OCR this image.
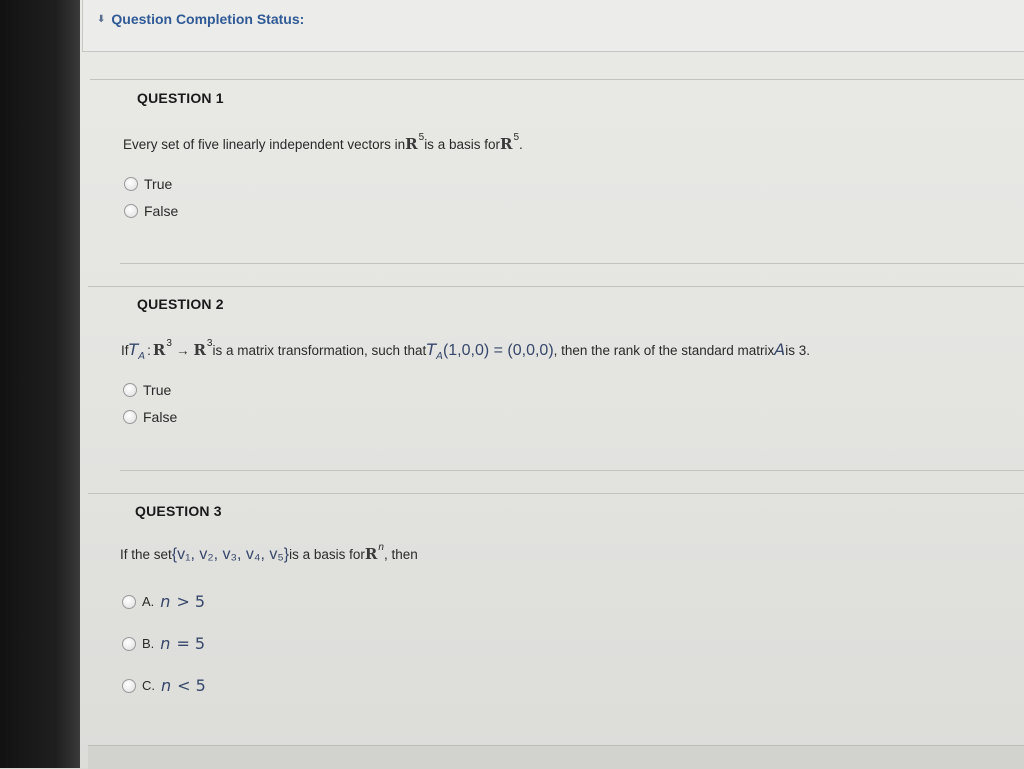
⬇ Question Completion Status:
QUESTION 1
Every set of five linearly independent vectors in R 5 is a basis for R 5 .
True
False
QUESTION 2
If T A : R 3 → R 3 is a matrix transformation, such that T A (1,0,0) = (0,0,0) , then the rank of the standard matrix A is 3.
True
False
QUESTION 3
If the set {v₁, v₂, v₃, v₄, v₅} is a basis for R n , then
A. n > 5
B. n = 5
C. n < 5
